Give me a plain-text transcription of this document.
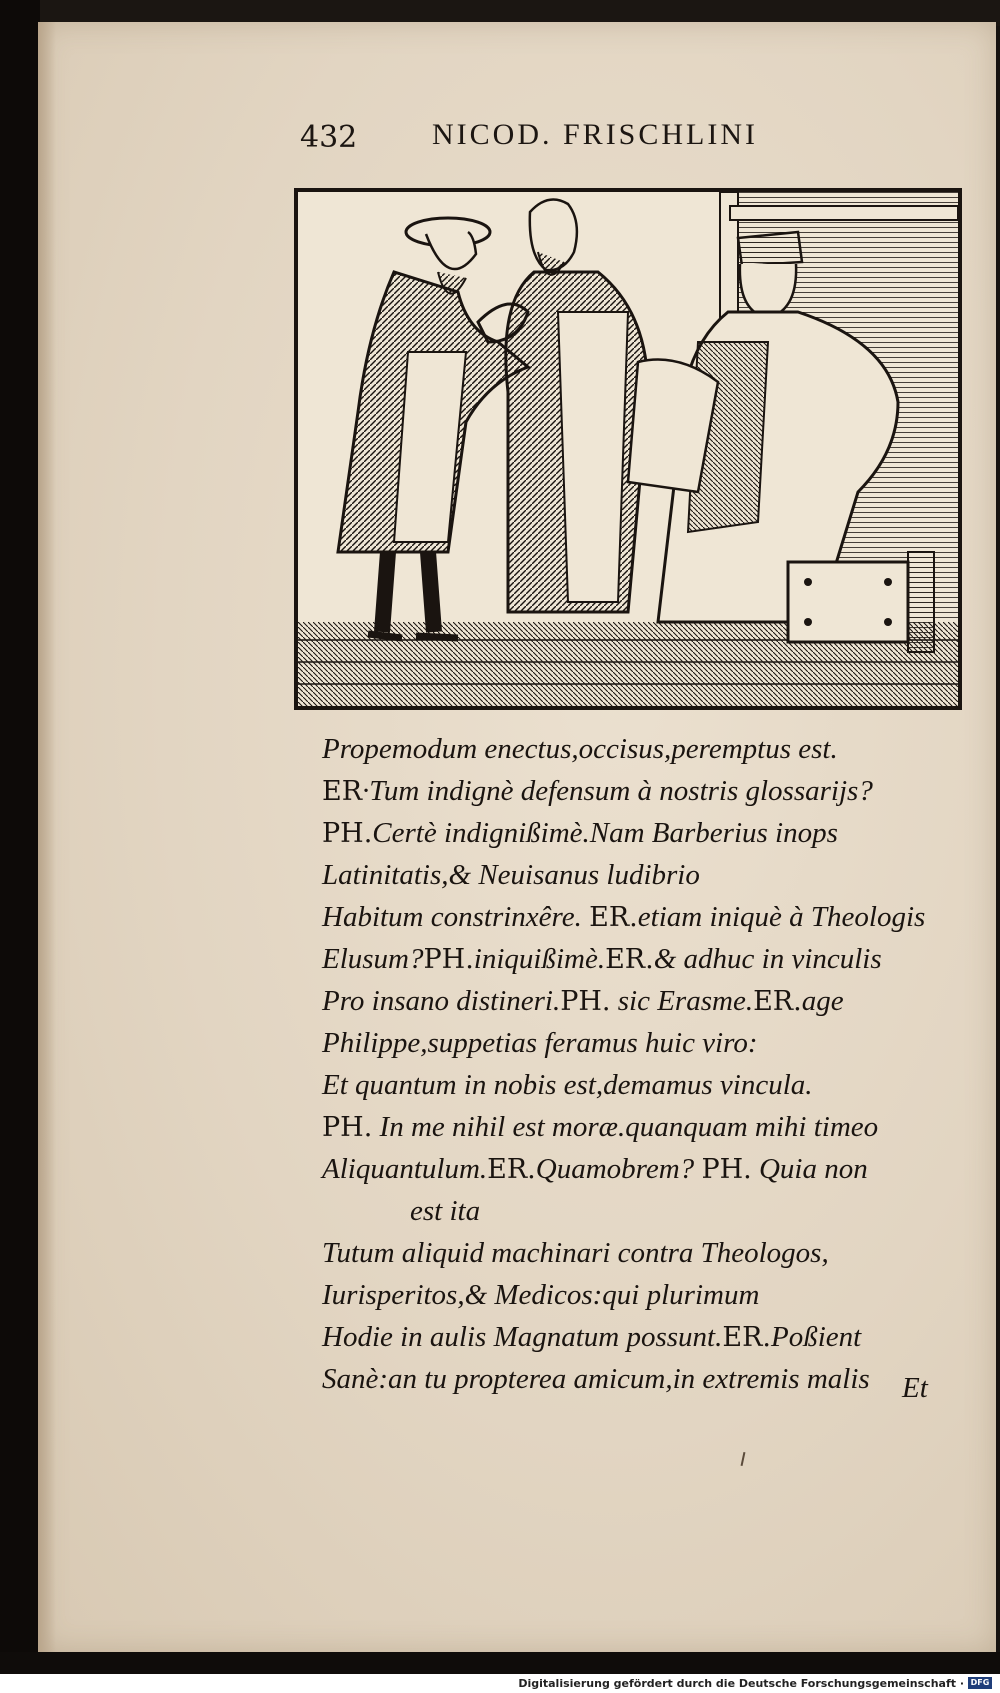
432 NICOD. FRISCHLINI
Propemodum enectus,occisus,peremptus est.
ER·Tum indignè defensum à nostris glossarijs?
PH.Certè indignißimè.Nam Barberius inops
Latinitatis,& Neuisanus ludibrio
Habitum constrinxêre. ER.etiam iniquè à Theologis
Elusum?PH.iniquißimè.ER.& adhuc in vinculis
Pro insano distineri.PH. sic Erasme.ER.age
Philippe,suppetias feramus huic viro:
Et quantum in nobis est,demamus vincula.
PH. In me nihil est moræ.quanquam mihi timeo
Aliquantulum.ER.Quamobrem? PH. Quia non
est ita
Tutum aliquid machinari contra Theologos,
Iurisperitos,& Medicos:qui plurimum
Hodie in aulis Magnatum possunt.ER.Poßient
Sanè:an tu propterea amicum,in extremis malis	Et
Digitalisierung gefördert durch die Deutsche Forschungsgemeinschaft · DFG
